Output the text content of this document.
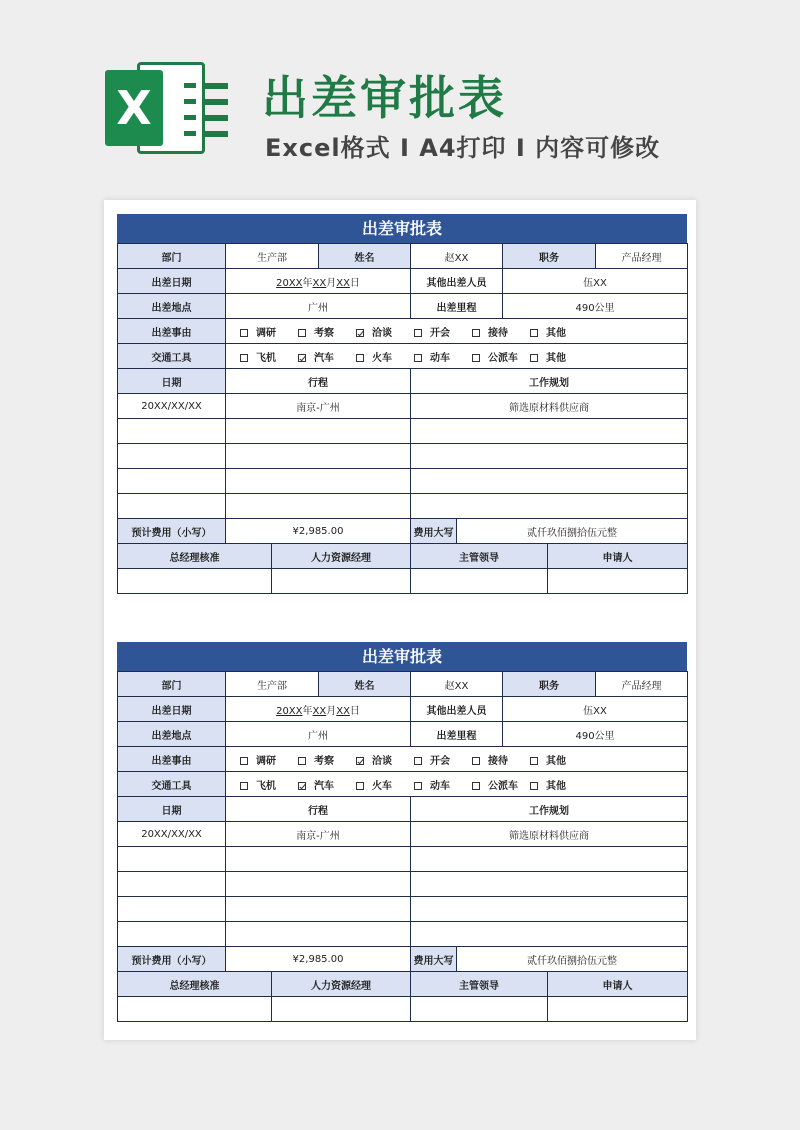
X 出差审批表
Excel格式 I A4打印 I 内容可修改
出差审批表
部门	生产部		姓名	赵XX		职务		产品经理
出差日期	20XX年XX月XX日			其他出差人员		伍XX		
出差地点	广州			出差里程		490公里		
出差事由	调研 考察 洽谈 开会 接待 其他							
交通工具	飞机 汽车 火车 动车 公派车 其他							
日期	行程			工作规划				
20XX/XX/XX	南京-广州			筛选原材料供应商				

预计费用（小写）	¥2,985.00			费用大写	贰仟玖佰捌拾伍元整			
总经理核准		人力资源经理		主管领导			申请人	

出差审批表
部门	生产部		姓名	赵XX		职务		产品经理
出差日期	20XX年XX月XX日			其他出差人员		伍XX		
出差地点	广州			出差里程		490公里		
出差事由	调研 考察 洽谈 开会 接待 其他							
交通工具	飞机 汽车 火车 动车 公派车 其他							
日期	行程			工作规划				
20XX/XX/XX	南京-广州			筛选原材料供应商				

预计费用（小写）	¥2,985.00			费用大写	贰仟玖佰捌拾伍元整			
总经理核准		人力资源经理		主管领导			申请人	
